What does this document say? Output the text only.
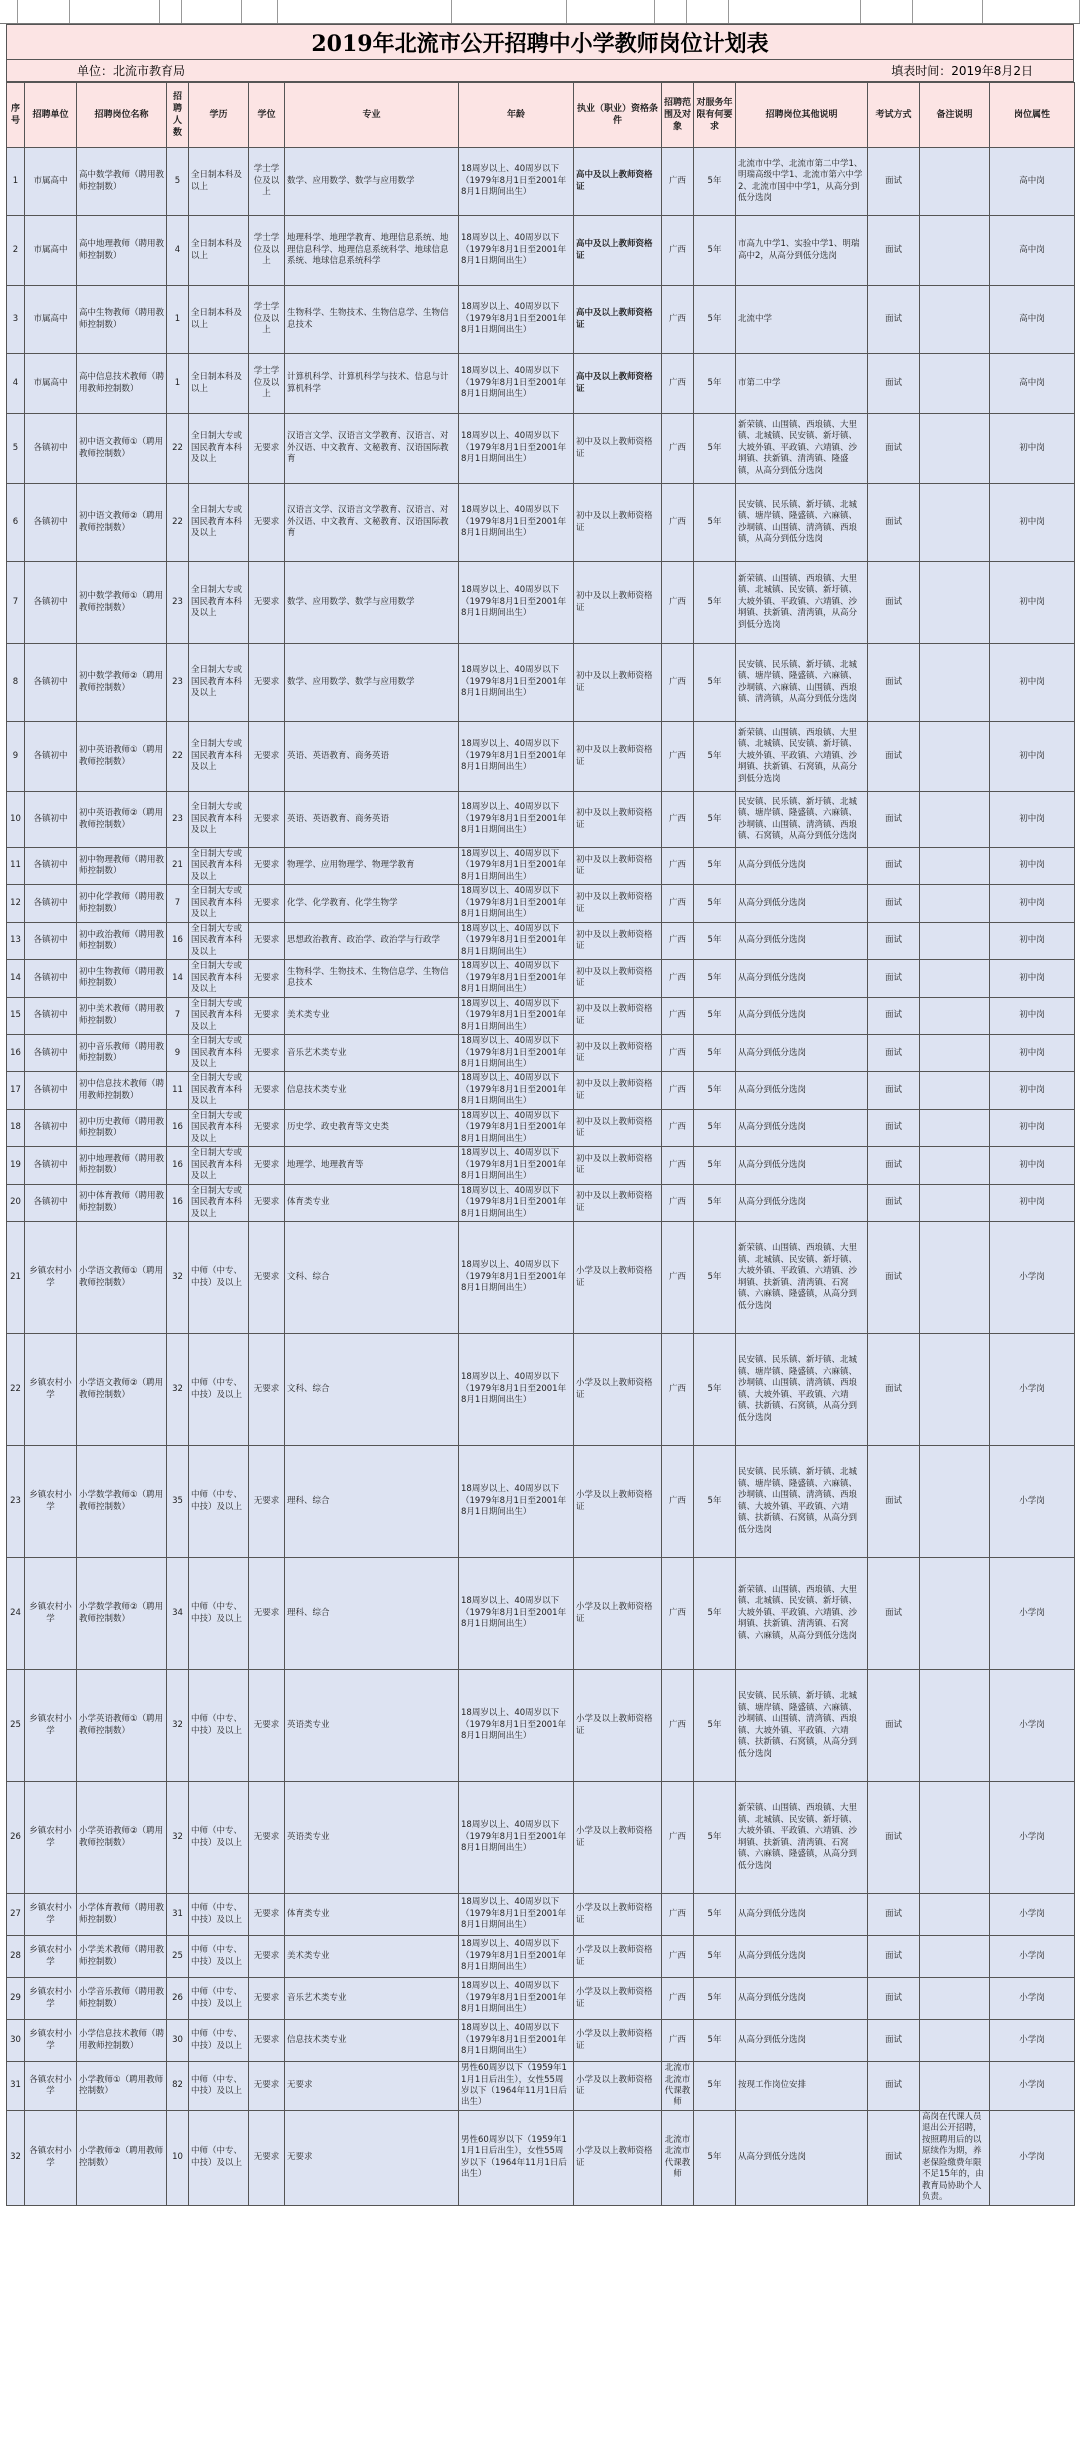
2019年北流市公开招聘中小学教师岗位计划表
单位：北流市教育局	填表时间：2019年8月2日
序号	招聘单位	招聘岗位名称	招聘人数	学历	学位	专业	年龄	执业（职业）资格条件	招聘范围及对象	对服务年限有何要求	招聘岗位其他说明	考试方式	备注说明	岗位属性
1	市属高中	高中数学教师（聘用教师控制数）	5	全日制本科及以上	学士学位及以上	数学、应用数学、数学与应用数学	18周岁以上、40周岁以下（1979年8月1日至2001年8月1日期间出生）	高中及以上教师资格证	广西	5年	北流市中学、北流市第二中学1、明瑞高级中学1、北流市第六中学2、北流市国中中学1，从高分到低分选岗	面试		高中岗
2	市属高中	高中地理教师（聘用教师控制数）	4	全日制本科及以上	学士学位及以上	地理科学、地理学教育、地理信息系统、地理信息科学、地理信息系统科学、地球信息系统、地球信息系统科学	18周岁以上、40周岁以下（1979年8月1日至2001年8月1日期间出生）	高中及以上教师资格证	广西	5年	市高九中学1、实验中学1、明瑞高中2，从高分到低分选岗	面试		高中岗
3	市属高中	高中生物教师（聘用教师控制数）	1	全日制本科及以上	学士学位及以上	生物科学、生物技术、生物信息学、生物信息技术	18周岁以上、40周岁以下（1979年8月1日至2001年8月1日期间出生）	高中及以上教师资格证	广西	5年	北流中学	面试		高中岗
4	市属高中	高中信息技术教师（聘用教师控制数）	1	全日制本科及以上	学士学位及以上	计算机科学、计算机科学与技术、信息与计算机科学	18周岁以上、40周岁以下（1979年8月1日至2001年8月1日期间出生）	高中及以上教师资格证	广西	5年	市第二中学	面试		高中岗
5	各镇初中	初中语文教师①（聘用教师控制数）	22	全日制大专或国民教育本科及以上	无要求	汉语言文学、汉语言文学教育、汉语言、对外汉语、中文教育、文秘教育、汉语国际教育	18周岁以上、40周岁以下（1979年8月1日至2001年8月1日期间出生）	初中及以上教师资格证	广西	5年	新荣镇、山围镇、西埌镇、大里镇、北城镇、民安镇、新圩镇、大坡外镇、平政镇、六靖镇、沙垌镇、扶新镇、清湾镇、隆盛镇，从高分到低分选岗	面试		初中岗
6	各镇初中	初中语文教师②（聘用教师控制数）	22	全日制大专或国民教育本科及以上	无要求	汉语言文学、汉语言文学教育、汉语言、对外汉语、中文教育、文秘教育、汉语国际教育	18周岁以上、40周岁以下（1979年8月1日至2001年8月1日期间出生）	初中及以上教师资格证	广西	5年	民安镇、民乐镇、新圩镇、北城镇、塘岸镇、隆盛镇、六麻镇、沙垌镇、山围镇、清湾镇、西埌镇，从高分到低分选岗	面试		初中岗
7	各镇初中	初中数学教师①（聘用教师控制数）	23	全日制大专或国民教育本科及以上	无要求	数学、应用数学、数学与应用数学	18周岁以上、40周岁以下（1979年8月1日至2001年8月1日期间出生）	初中及以上教师资格证	广西	5年	新荣镇、山围镇、西埌镇、大里镇、北城镇、民安镇、新圩镇、大坡外镇、平政镇、六靖镇、沙垌镇、扶新镇、清湾镇，从高分到低分选岗	面试		初中岗
8	各镇初中	初中数学教师②（聘用教师控制数）	23	全日制大专或国民教育本科及以上	无要求	数学、应用数学、数学与应用数学	18周岁以上、40周岁以下（1979年8月1日至2001年8月1日期间出生）	初中及以上教师资格证	广西	5年	民安镇、民乐镇、新圩镇、北城镇、塘岸镇、隆盛镇、六麻镇、沙垌镇、六麻镇、山围镇、西埌镇、清湾镇，从高分到低分选岗	面试		初中岗
9	各镇初中	初中英语教师①（聘用教师控制数）	22	全日制大专或国民教育本科及以上	无要求	英语、英语教育、商务英语	18周岁以上、40周岁以下（1979年8月1日至2001年8月1日期间出生）	初中及以上教师资格证	广西	5年	新荣镇、山围镇、西埌镇、大里镇、北城镇、民安镇、新圩镇、大坡外镇、平政镇、六靖镇、沙垌镇、扶新镇、石窝镇，从高分到低分选岗	面试		初中岗
10	各镇初中	初中英语教师②（聘用教师控制数）	23	全日制大专或国民教育本科及以上	无要求	英语、英语教育、商务英语	18周岁以上、40周岁以下（1979年8月1日至2001年8月1日期间出生）	初中及以上教师资格证	广西	5年	民安镇、民乐镇、新圩镇、北城镇、塘岸镇、隆盛镇、六麻镇、沙垌镇、山围镇、清湾镇、西埌镇、石窝镇，从高分到低分选岗	面试		初中岗
11	各镇初中	初中物理教师（聘用教师控制数）	21	全日制大专或国民教育本科及以上	无要求	物理学、应用物理学、物理学教育	18周岁以上、40周岁以下（1979年8月1日至2001年8月1日期间出生）	初中及以上教师资格证	广西	5年	从高分到低分选岗	面试		初中岗
12	各镇初中	初中化学教师（聘用教师控制数）	7	全日制大专或国民教育本科及以上	无要求	化学、化学教育、化学生物学	18周岁以上、40周岁以下（1979年8月1日至2001年8月1日期间出生）	初中及以上教师资格证	广西	5年	从高分到低分选岗	面试		初中岗
13	各镇初中	初中政治教师（聘用教师控制数）	16	全日制大专或国民教育本科及以上	无要求	思想政治教育、政治学、政治学与行政学	18周岁以上、40周岁以下（1979年8月1日至2001年8月1日期间出生）	初中及以上教师资格证	广西	5年	从高分到低分选岗	面试		初中岗
14	各镇初中	初中生物教师（聘用教师控制数）	14	全日制大专或国民教育本科及以上	无要求	生物科学、生物技术、生物信息学、生物信息技术	18周岁以上、40周岁以下（1979年8月1日至2001年8月1日期间出生）	初中及以上教师资格证	广西	5年	从高分到低分选岗	面试		初中岗
15	各镇初中	初中美术教师（聘用教师控制数）	7	全日制大专或国民教育本科及以上	无要求	美术类专业	18周岁以上、40周岁以下（1979年8月1日至2001年8月1日期间出生）	初中及以上教师资格证	广西	5年	从高分到低分选岗	面试		初中岗
16	各镇初中	初中音乐教师（聘用教师控制数）	9	全日制大专或国民教育本科及以上	无要求	音乐艺术类专业	18周岁以上、40周岁以下（1979年8月1日至2001年8月1日期间出生）	初中及以上教师资格证	广西	5年	从高分到低分选岗	面试		初中岗
17	各镇初中	初中信息技术教师（聘用教师控制数）	11	全日制大专或国民教育本科及以上	无要求	信息技术类专业	18周岁以上、40周岁以下（1979年8月1日至2001年8月1日期间出生）	初中及以上教师资格证	广西	5年	从高分到低分选岗	面试		初中岗
18	各镇初中	初中历史教师（聘用教师控制数）	16	全日制大专或国民教育本科及以上	无要求	历史学、政史教育等文史类	18周岁以上、40周岁以下（1979年8月1日至2001年8月1日期间出生）	初中及以上教师资格证	广西	5年	从高分到低分选岗	面试		初中岗
19	各镇初中	初中地理教师（聘用教师控制数）	16	全日制大专或国民教育本科及以上	无要求	地理学、地理教育等	18周岁以上、40周岁以下（1979年8月1日至2001年8月1日期间出生）	初中及以上教师资格证	广西	5年	从高分到低分选岗	面试		初中岗
20	各镇初中	初中体育教师（聘用教师控制数）	16	全日制大专或国民教育本科及以上	无要求	体育类专业	18周岁以上、40周岁以下（1979年8月1日至2001年8月1日期间出生）	初中及以上教师资格证	广西	5年	从高分到低分选岗	面试		初中岗
21	乡镇农村小学	小学语文教师①（聘用教师控制数）	32	中师（中专、中技）及以上	无要求	文科、综合	18周岁以上、40周岁以下（1979年8月1日至2001年8月1日期间出生）	小学及以上教师资格证	广西	5年	新荣镇、山围镇、西埌镇、大里镇、北城镇、民安镇、新圩镇、大坡外镇、平政镇、六靖镇、沙垌镇、扶新镇、清湾镇、石窝镇、六麻镇、隆盛镇，从高分到低分选岗	面试		小学岗
22	乡镇农村小学	小学语文教师②（聘用教师控制数）	32	中师（中专、中技）及以上	无要求	文科、综合	18周岁以上、40周岁以下（1979年8月1日至2001年8月1日期间出生）	小学及以上教师资格证	广西	5年	民安镇、民乐镇、新圩镇、北城镇、塘岸镇、隆盛镇、六麻镇、沙垌镇、山围镇、清湾镇、西埌镇、大坡外镇、平政镇、六靖镇、扶新镇、石窝镇，从高分到低分选岗	面试		小学岗
23	乡镇农村小学	小学数学教师①（聘用教师控制数）	35	中师（中专、中技）及以上	无要求	理科、综合	18周岁以上、40周岁以下（1979年8月1日至2001年8月1日期间出生）	小学及以上教师资格证	广西	5年	民安镇、民乐镇、新圩镇、北城镇、塘岸镇、隆盛镇、六麻镇、沙垌镇、山围镇、清湾镇、西埌镇、大坡外镇、平政镇、六靖镇、扶新镇、石窝镇，从高分到低分选岗	面试		小学岗
24	乡镇农村小学	小学数学教师②（聘用教师控制数）	34	中师（中专、中技）及以上	无要求	理科、综合	18周岁以上、40周岁以下（1979年8月1日至2001年8月1日期间出生）	小学及以上教师资格证	广西	5年	新荣镇、山围镇、西埌镇、大里镇、北城镇、民安镇、新圩镇、大坡外镇、平政镇、六靖镇、沙垌镇、扶新镇、清湾镇、石窝镇、六麻镇，从高分到低分选岗	面试		小学岗
25	乡镇农村小学	小学英语教师①（聘用教师控制数）	32	中师（中专、中技）及以上	无要求	英语类专业	18周岁以上、40周岁以下（1979年8月1日至2001年8月1日期间出生）	小学及以上教师资格证	广西	5年	民安镇、民乐镇、新圩镇、北城镇、塘岸镇、隆盛镇、六麻镇、沙垌镇、山围镇、清湾镇、西埌镇、大坡外镇、平政镇、六靖镇、扶新镇、石窝镇，从高分到低分选岗	面试		小学岗
26	乡镇农村小学	小学英语教师②（聘用教师控制数）	32	中师（中专、中技）及以上	无要求	英语类专业	18周岁以上、40周岁以下（1979年8月1日至2001年8月1日期间出生）	小学及以上教师资格证	广西	5年	新荣镇、山围镇、西埌镇、大里镇、北城镇、民安镇、新圩镇、大坡外镇、平政镇、六靖镇、沙垌镇、扶新镇、清湾镇、石窝镇、六麻镇、隆盛镇，从高分到低分选岗	面试		小学岗
27	乡镇农村小学	小学体育教师（聘用教师控制数）	31	中师（中专、中技）及以上	无要求	体育类专业	18周岁以上、40周岁以下（1979年8月1日至2001年8月1日期间出生）	小学及以上教师资格证	广西	5年	从高分到低分选岗	面试		小学岗
28	乡镇农村小学	小学美术教师（聘用教师控制数）	25	中师（中专、中技）及以上	无要求	美术类专业	18周岁以上、40周岁以下（1979年8月1日至2001年8月1日期间出生）	小学及以上教师资格证	广西	5年	从高分到低分选岗	面试		小学岗
29	乡镇农村小学	小学音乐教师（聘用教师控制数）	26	中师（中专、中技）及以上	无要求	音乐艺术类专业	18周岁以上、40周岁以下（1979年8月1日至2001年8月1日期间出生）	小学及以上教师资格证	广西	5年	从高分到低分选岗	面试		小学岗
30	乡镇农村小学	小学信息技术教师（聘用教师控制数）	30	中师（中专、中技）及以上	无要求	信息技术类专业	18周岁以上、40周岁以下（1979年8月1日至2001年8月1日期间出生）	小学及以上教师资格证	广西	5年	从高分到低分选岗	面试		小学岗
31	各镇农村小学	小学教师①（聘用教师控制数）	82	中师（中专、中技）及以上	无要求	无要求	男性60周岁以下（1959年11月1日后出生），女性55周岁以下（1964年11月1日后出生）	小学及以上教师资格证	北流市北流市代课教师	5年	按现工作岗位安排	面试		小学岗
32	各镇农村小学	小学教师②（聘用教师控制数）	10	中师（中专、中技）及以上	无要求	无要求	男性60周岁以下（1959年11月1日后出生），女性55周岁以下（1964年11月1日后出生）	小学及以上教师资格证	北流市北流市代课教师	5年	从高分到低分选岗	面试	高岗在代课人员退出公开招聘，按照聘用后的以原续作为期，养老保险缴费年限不足15年的，由教育局协助个人负责。	小学岗
